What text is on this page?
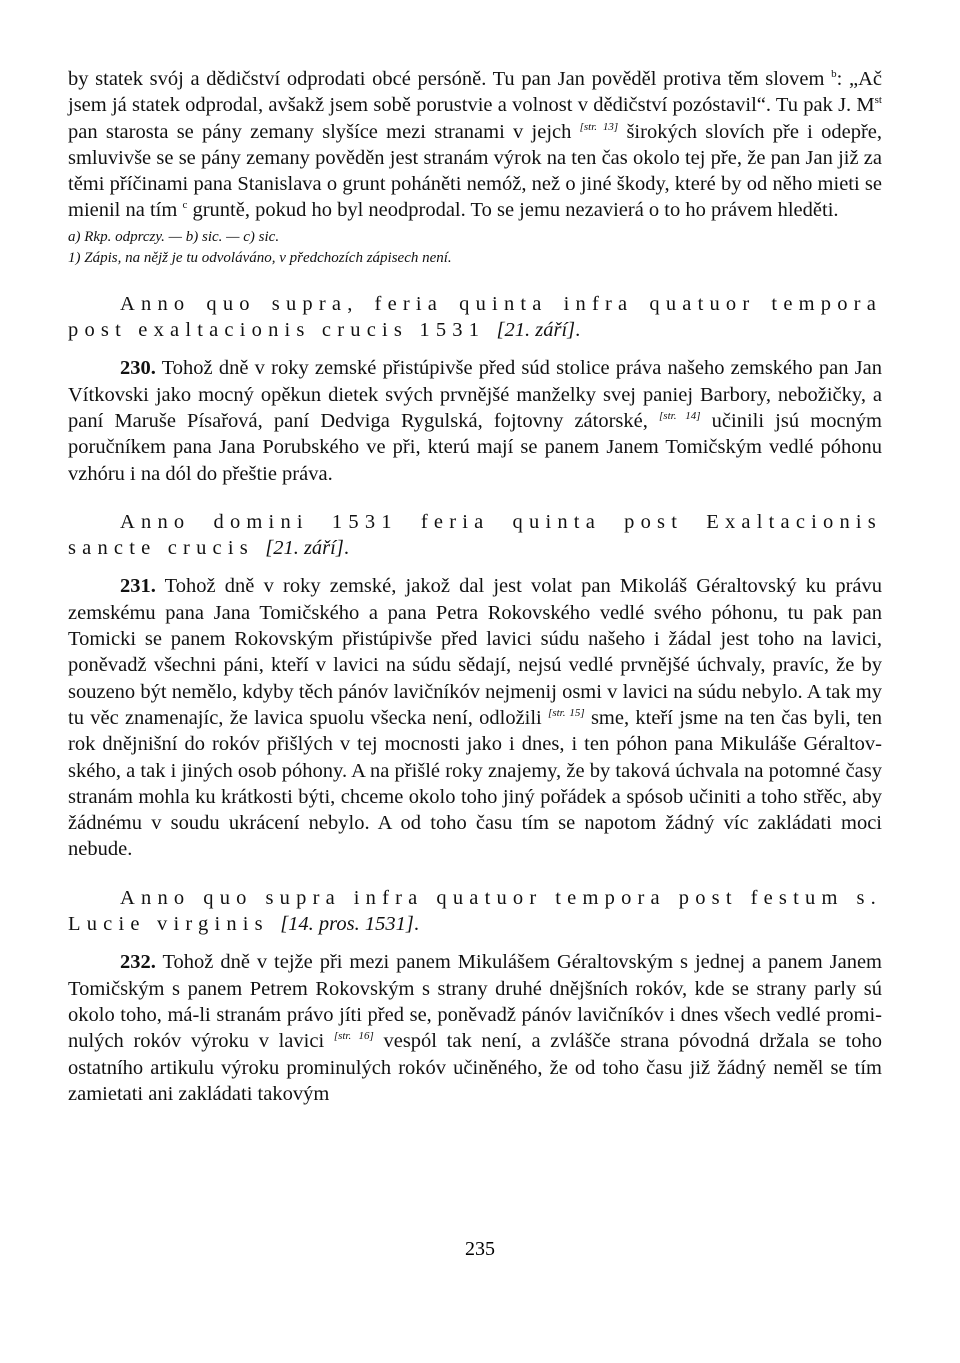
by statek svój a dědičství odprodati obcé persóně. Tu pan Jan pověděl protiva těm slovem $^b$: „Ač jsem já statek odprodal, avšakž jsem sobě porustvie a volnost v dědičství pozóstavil“. Tu pak J. Mst pan starosta se pány zemany slyšíce mezi stranami v jejch [str. 13] širokých slovích pře i odepře, smluvivše se se pány zemany pověděn jest stranám výrok na ten čas okolo tej pře, že pan Jan již za těmi příčinami pana Stanislava o grunt poháněti nemóž, než o jiné škody, které by od něho mieti se mienil na tím $^c$ gruntě, pokud ho byl neodprodal. To se jemu nezavierá o to ho právem hleděti.

a) Rkp. odprczy. — b) sic. — c) sic.

1) Zápis, na nějž je tu odvoláváno, v předchozích zápisech není.

Anno quo supra, feria quinta infra quatuor tempora post exaltacionis crucis 1531 [21. září].

230. Tohož dně v roky zemské přistúpivše před súd stolice práva našeho zemského pan Jan Vítkovski jako mocný opěkun dietek svých prvnějšé manželky svej paniej Barbory, nebožičky, a paní Maruše Písařová, paní Dedviga Rygulská, fojtovny zátorské, [str. 14] učinili jsú mocným poručníkem pana Jana Porubského ve při, kterú mají se panem Janem Tomičským vedlé póhonu vzhóru i na dól do přeštie práva.

Anno domini 1531 feria quinta post Exaltacionis sancte crucis [21. září].

231. Tohož dně v roky zemské, jakož dal jest volat pan Mikoláš Géraltovský ku právu zemskému pana Jana Tomičského a pana Petra Rokovského vedlé svého póhonu, tu pak pan Tomicki se panem Rokovským přistúpivše před lavici súdu našeho i žádal jest toho na lavici, poněvadž všechni páni, kteří v lavici na súdu sědají, nejsú vedlé prvnějšé úchvaly, pravíc, že by souzeno být nemělo, kdyby těch pánóv lavičníkóv nejmenij osmi v lavici na súdu nebylo. A tak my tu věc znamenajíc, že lavica spuolu všecka není, odložili [str. 15] sme, kteří jsme na ten čas byli, ten rok dnějnišní do rokóv přišlých v tej mocnosti jako i dnes, i ten póhon pana Mikuláše Géraltovského, a tak i jiných osob póhony. A na přišlé roky znajemy, že by taková úchvala na potomné časy stranám mohla ku krátkosti býti, chceme okolo toho jiný pořádek a spósob učiniti a toho střěc, aby žádnému v soudu ukrácení nebylo. A od toho času tím se napotom žádný víc zakládati moci nebude.

Anno quo supra infra quatuor tempora post festum s. Lucie virginis [14. pros. 1531].

232. Tohož dně v tejže při mezi panem Mikulášem Géraltovským s jednej a panem Janem Tomičským s panem Petrem Rokovským s strany druhé dnějšních rokóv, kde se strany parly sú okolo toho, má-li stranám právo jíti před se, poněvadž pánóv lavičníkóv i dnes všech vedlé prominulých rokóv výroku v lavici [str. 16] vespól tak není, a zvlášče strana póvodná držala se toho ostatního artikulu výroku prominulých rokóv učiněného, že od toho času již žádný neměl se tím zamietati ani zakládati takovým

235
